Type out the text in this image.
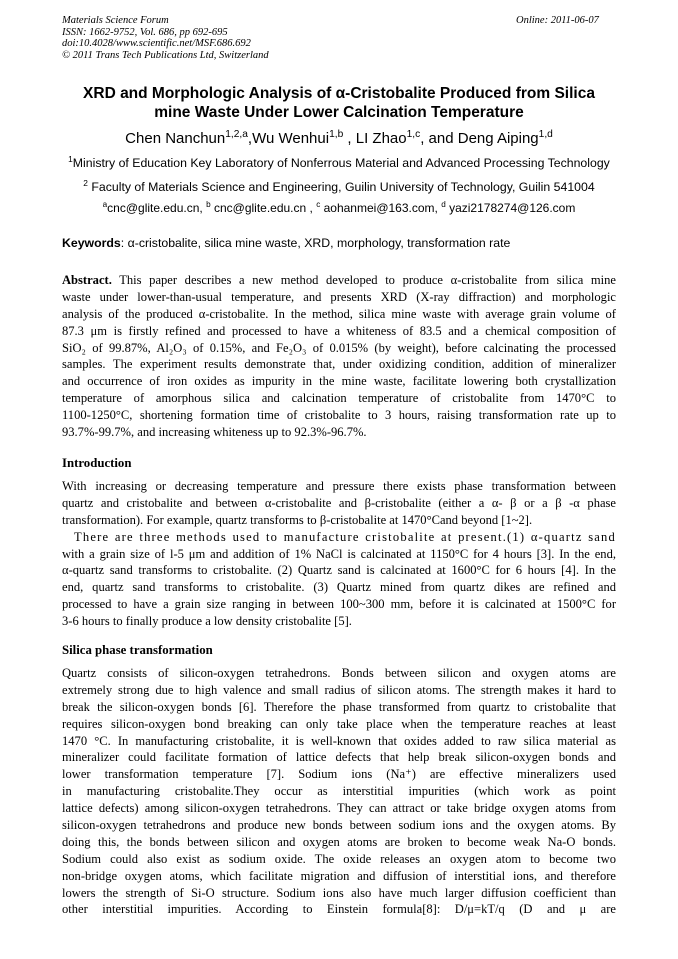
Materials Science Forum
ISSN: 1662-9752, Vol. 686, pp 692-695
doi:10.4028/www.scientific.net/MSF.686.692
© 2011 Trans Tech Publications Ltd, Switzerland
Online: 2011-06-07
XRD and Morphologic Analysis of α-Cristobalite Produced from Silica
mine Waste Under Lower Calcination Temperature
Chen Nanchun$^{1,2,a}$,Wu Wenhui$^{1,b}$ , LI Zhao$^{1,c}$, and Deng Aiping$^{1,d}$
$^1$Ministry of Education Key Laboratory of Nonferrous Material and Advanced Processing Technology
$^2$ Faculty of Materials Science and Engineering, Guilin University of Technology, Guilin 541004
$^a$cnc@glite.edu.cn, $^b$ cnc@glite.edu.cn , $^c$ aohanmei@163.com, $^d$ yazi2178274@126.com
Keywords: α-cristobalite, silica mine waste, XRD, morphology, transformation rate
Abstract. This paper describes a new method developed to produce α-cristobalite from silica mine
waste under lower-than-usual temperature, and presents XRD (X-ray diffraction) and morphologic
analysis of the produced α-cristobalite. In the method, silica mine waste with average grain volume of
87.3 μm is firstly refined and processed to have a whiteness of 83.5 and a chemical composition of
SiO₂ of 99.87%, Al₂O₃ of 0.15%, and Fe₂O₃ of 0.015% (by weight), before calcinating the processed
samples. The experiment results demonstrate that, under oxidizing condition, addition of mineralizer
and occurrence of iron oxides as impurity in the mine waste, facilitate lowering both crystallization
temperature of amorphous silica and calcination temperature of cristobalite from 1470°C to
1100-1250°C, shortening formation time of cristobalite to 3 hours, raising transformation rate up to
93.7%-99.7%, and increasing whiteness up to 92.3%-96.7%.
Introduction
With increasing or decreasing temperature and pressure there exists phase transformation between
quartz and cristobalite and between α-cristobalite and β-cristobalite (either a α- β or a β -α phase
transformation). For example, quartz transforms to β-cristobalite at 1470°Cand beyond [1~2].
There are three methods used to manufacture cristobalite at present.(1) α-quartz sand
with a grain size of l-5 μm and addition of 1% NaCl is calcinated at 1150°C for 4 hours [3]. In the end,
α-quartz sand transforms to cristobalite. (2) Quartz sand is calcinated at 1600°C for 6 hours [4]. In the
end, quartz sand transforms to cristobalite. (3) Quartz mined from quartz dikes are refined and
processed to have a grain size ranging in between 100~300 mm, before it is calcinated at 1500°C for
3-6 hours to finally produce a low density cristobalite [5].
Silica phase transformation
Quartz consists of silicon-oxygen tetrahedrons. Bonds between silicon and oxygen atoms are
extremely strong due to high valence and small radius of silicon atoms. The strength makes it hard to
break the silicon-oxygen bonds [6]. Therefore the phase transformed from quartz to cristobalite that
requires silicon-oxygen bond breaking can only take place when the temperature reaches at least
1470 °C. In manufacturing cristobalite, it is well-known that oxides added to raw silica material as
mineralizer could facilitate formation of lattice defects that help break silicon-oxygen bonds and
lower transformation temperature [7]. Sodium ions (Na⁺) are effective mineralizers used
in manufacturing cristobalite.They occur as interstitial impurities (which work as point
lattice defects) among silicon-oxygen tetrahedrons. They can attract or take bridge oxygen atoms from
silicon-oxygen tetrahedrons and produce new bonds between sodium ions and the oxygen atoms. By
doing this, the bonds between silicon and oxygen atoms are broken to become weak Na-O bonds.
Sodium could also exist as sodium oxide. The oxide releases an oxygen atom to become two
non-bridge oxygen atoms, which facilitate migration and diffusion of interstitial ions, and therefore
lowers the strength of Si-O structure. Sodium ions also have much larger diffusion coefficient than
other interstitial impurities. According to Einstein formula[8]: D/μ=kT/q (D and μ are
